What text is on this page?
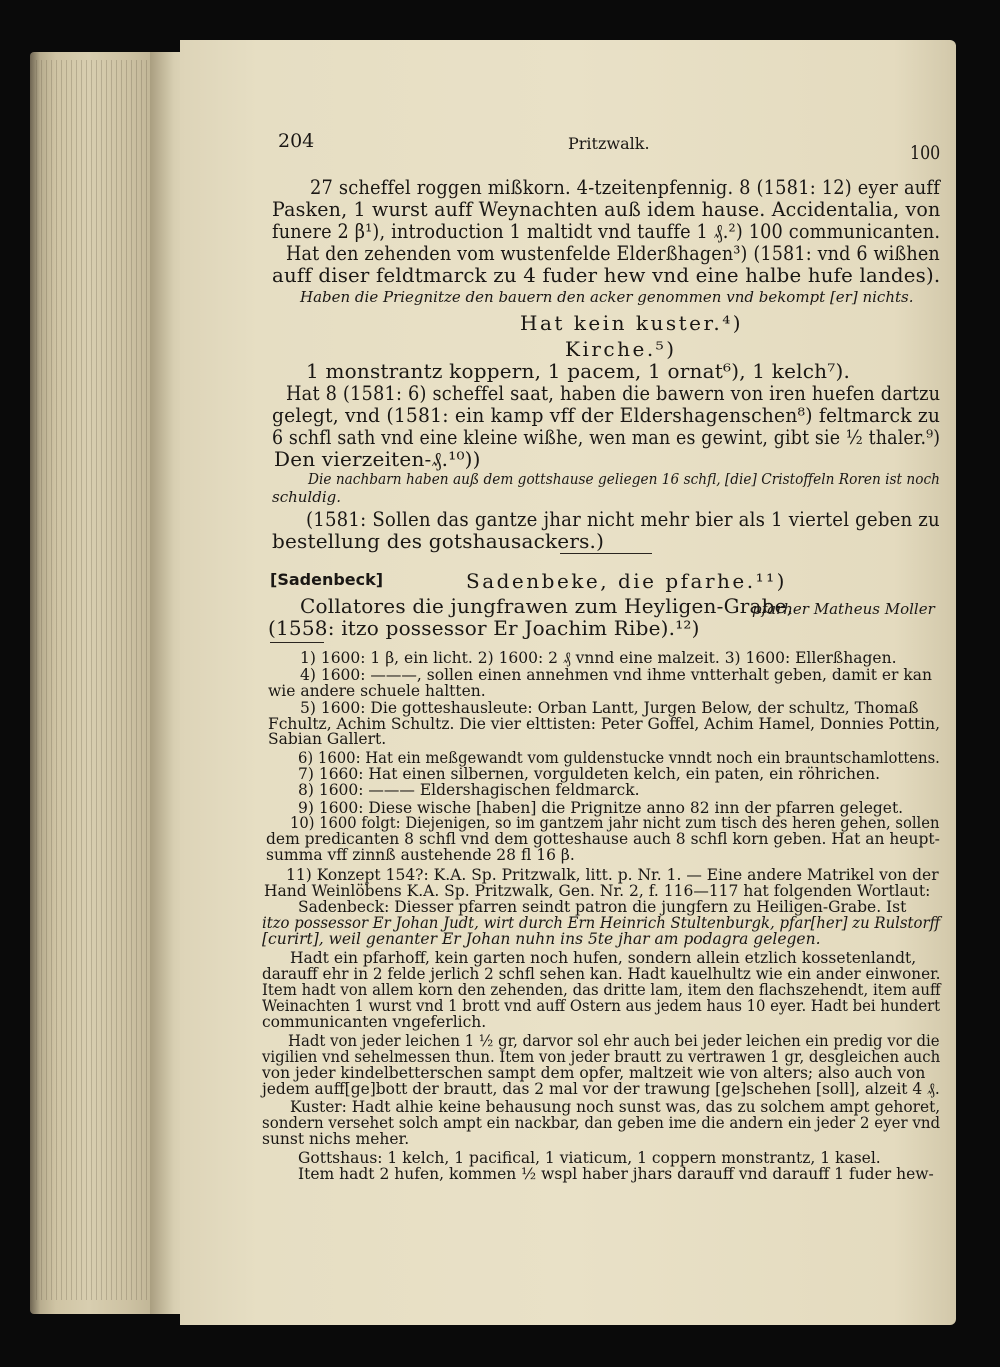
204	Pritzwalk.	100
27 scheffel roggen mißkorn. 4-tzeitenpfennig. 8 (1581: 12) eyer auff
Pasken, 1 wurst auff Weynachten auß idem hause. Accidentalia, von
funere 2 β¹), introduction 1 maltidt vnd tauffe 1 ₰.²) 100 communicanten.
Hat den zehenden vom wustenfelde Elderßhagen³) (1581: vnd 6 wißhen
auff diser feldtmarck zu 4 fuder hew vnd eine halbe hufe landes).
Haben die Priegnitze den bauern den acker genommen vnd bekompt [er] nichts.
Hat kein kuster.⁴)
Kirche.⁵)
1 monstrantz koppern, 1 pacem, 1 ornat⁶), 1 kelch⁷).
Hat 8 (1581: 6) scheffel saat, haben die bawern von iren huefen dartzu
gelegt, vnd (1581: ein kamp vff der Eldershagenschen⁸) feltmarck zu
6 schfl sath vnd eine kleine wißhe, wen man es gewint, gibt sie ½ thaler.⁹)
Den vierzeiten-₰.¹⁰))
Die nachbarn haben auß dem gottshause geliegen 16 schfl, [die] Cristoffeln Roren ist noch
schuldig.
(1581: Sollen das gantze jhar nicht mehr bier als 1 viertel geben zu
bestellung des gotshausackers.)
[Sadenbeck]	Sadenbeke, die pfarhe.¹¹)
Collatores die jungfrawen zum Heyligen-Grabe,
pfarher Matheus Moller
(1558: itzo possessor Er Joachim Ribe).¹²)
1) 1600: 1 β, ein licht. 2) 1600: 2 ₰ vnnd eine malzeit. 3) 1600: Ellerßhagen.
4) 1600: ———, sollen einen annehmen vnd ihme vntterhalt geben, damit er kan
wie andere schuele haltten.
5) 1600: Die gotteshausleute: Orban Lantt, Jurgen Below, der schultz, Thomaß
Fchultz, Achim Schultz. Die vier elttisten: Peter Goffel, Achim Hamel, Donnies Pottin,
Sabian Gallert.
6) 1600: Hat ein meßgewandt vom guldenstucke vnndt noch ein brauntschamlottens.
7) 1660: Hat einen silbernen, vorguldeten kelch, ein paten, ein röhrichen.
8) 1600: ——— Eldershagischen feldmarck.
9) 1600: Diese wische [haben] die Prignitze anno 82 inn der pfarren geleget.
10) 1600 folgt: Diejenigen, so im gantzem jahr nicht zum tisch des heren gehen, sollen
dem predicanten 8 schfl vnd dem gotteshause auch 8 schfl korn geben. Hat an heupt-
summa vff zinnß austehende 28 fl 16 β.
11) Konzept 154?: K.A. Sp. Pritzwalk, litt. p. Nr. 1. — Eine andere Matrikel von der
Hand Weinlöbens K.A. Sp. Pritzwalk, Gen. Nr. 2, f. 116—117 hat folgenden Wortlaut:
Sadenbeck: Diesser pfarren seindt patron die jungfern zu Heiligen-Grabe. Ist
itzo possessor Er Johan Judt, wirt durch Ern Heinrich Stultenburgk, pfar[her] zu Rulstorff
[curirt], weil genanter Er Johan nuhn ins 5te jhar am podagra gelegen.
Hadt ein pfarhoff, kein garten noch hufen, sondern allein etzlich kossetenlandt,
darauff ehr in 2 felde jerlich 2 schfl sehen kan. Hadt kauelhultz wie ein ander einwoner.
Item hadt von allem korn den zehenden, das dritte lam, item den flachszehendt, item auff
Weinachten 1 wurst vnd 1 brott vnd auff Ostern aus jedem haus 10 eyer. Hadt bei hundert
communicanten vngeferlich.
Hadt von jeder leichen 1 ½ gr, darvor sol ehr auch bei jeder leichen ein predig vor die
vigilien vnd sehelmessen thun. Item von jeder brautt zu vertrawen 1 gr, desgleichen auch
von jeder kindelbetterschen sampt dem opfer, maltzeit wie von alters; also auch von
jedem auff[ge]bott der brautt, das 2 mal vor der trawung [ge]schehen [soll], alzeit 4 ₰.
Kuster: Hadt alhie keine behausung noch sunst was, das zu solchem ampt gehoret,
sondern versehet solch ampt ein nackbar, dan geben ime die andern ein jeder 2 eyer vnd
sunst nichs meher.
Gottshaus: 1 kelch, 1 pacifical, 1 viaticum, 1 coppern monstrantz, 1 kasel.
Item hadt 2 hufen, kommen ½ wspl haber jhars darauff vnd darauff 1 fuder hew-
